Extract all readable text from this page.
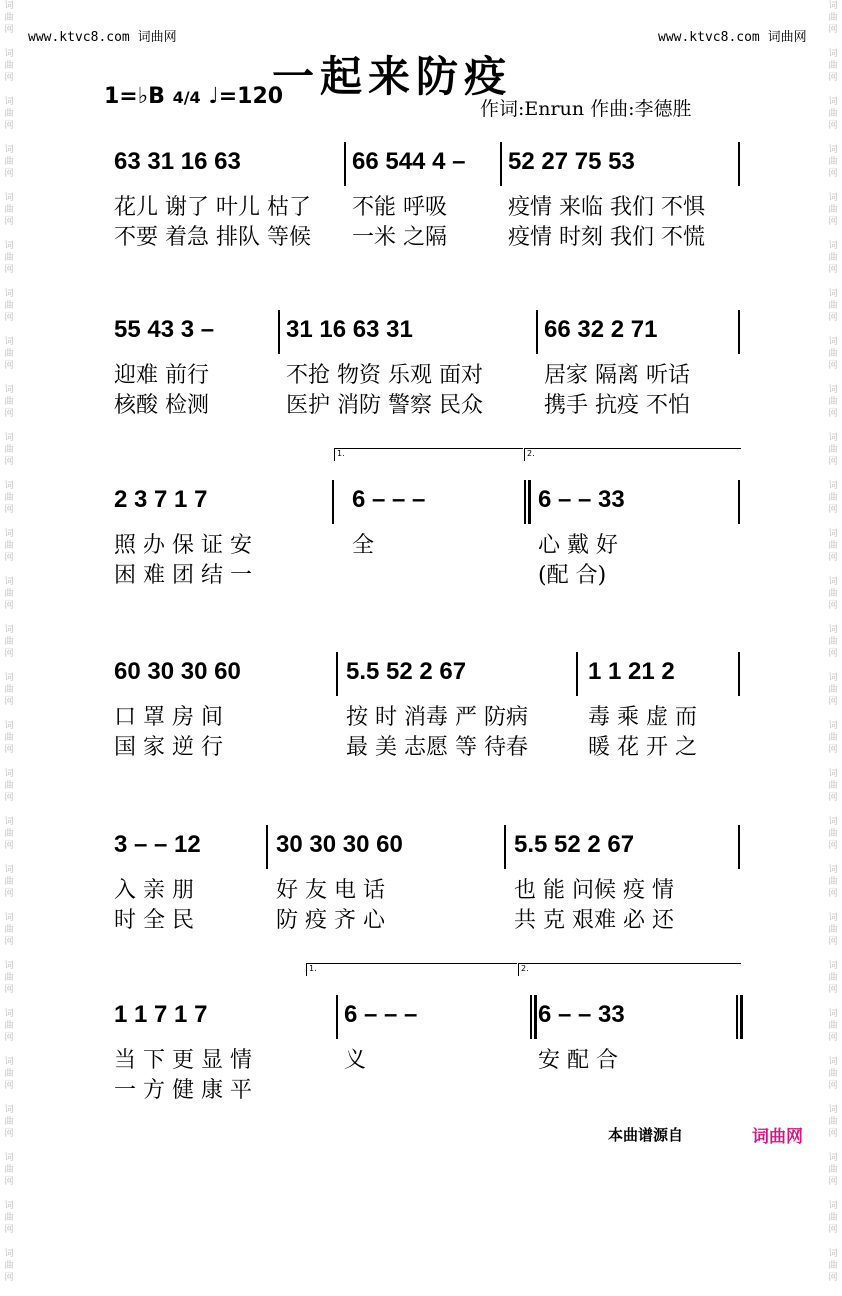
www.ktvc8.com 词曲网	www.ktvc8.com 词曲网
词
曲
网

词
曲
网

词
曲
网

词
曲
网

词
曲
网

词
曲
网

词
曲
网

词
曲
网

词
曲
网

词
曲
网

词
曲
网

词
曲
网

词
曲
网

词
曲
网

词
曲
网

词
曲
网

词
曲
网

词
曲
网

词
曲
网

词
曲
网

词
曲
网

词
曲
网

词
曲
网

词
曲
网

词
曲
网

词
曲
网

词
曲
网

词
曲
网

词
曲
网

词
曲
网

词
曲
网

词
曲
网

词
曲
网

词
曲
网

词
曲
网

词
曲
网

词
曲
网

词
曲
网

词
曲
网

词
曲
网

词
曲
网

词
曲
网

词
曲
网

词
曲
网

词
曲
网

词
曲
网

词
曲
网

词
曲
网

词
曲
网

词
曲
网

词
曲
网

词
曲
网

词
曲
网

词
曲
网

一起来防疫
1=♭B 4/4 ♩=120	作词:Enrun 作曲:李德胜
63 31 16 63
花儿 谢了 叶儿 枯了
不要 着急 排队 等候
66 544 4 –
不能 呼吸
一米 之隔
52 27 75 53
疫情 来临 我们 不惧
疫情 时刻 我们 不慌
55 43 3 –
迎难 前行
核酸 检测
31 16 63 31
不抢 物资 乐观 面对
医护 消防 警察 民众
66 32 2 71
居家 隔离 听话
携手 抗疫 不怕
2 3 7 1 7
照 办 保 证 安
困 难 团 结 一
6 – – –
全
6 – – 33
心 戴 好
(配 合)
1.	2.
60 30 30 60
口 罩 房 间
国 家 逆 行
5.5 52 2 67
按 时 消毒 严 防病
最 美 志愿 等 待春
1 1 21 2
毒 乘 虚 而
暖 花 开 之
3 – – 12
入 亲 朋
时 全 民
30 30 30 60
好 友 电 话
防 疫 齐 心
5.5 52 2 67
也 能 问候 疫 情
共 克 艰难 必 还
1 1 7 1 7
当 下 更 显 情
一 方 健 康 平
6 – – –
义
6 – – 33
安 配 合
1.	2.
本曲谱源自	词曲网
